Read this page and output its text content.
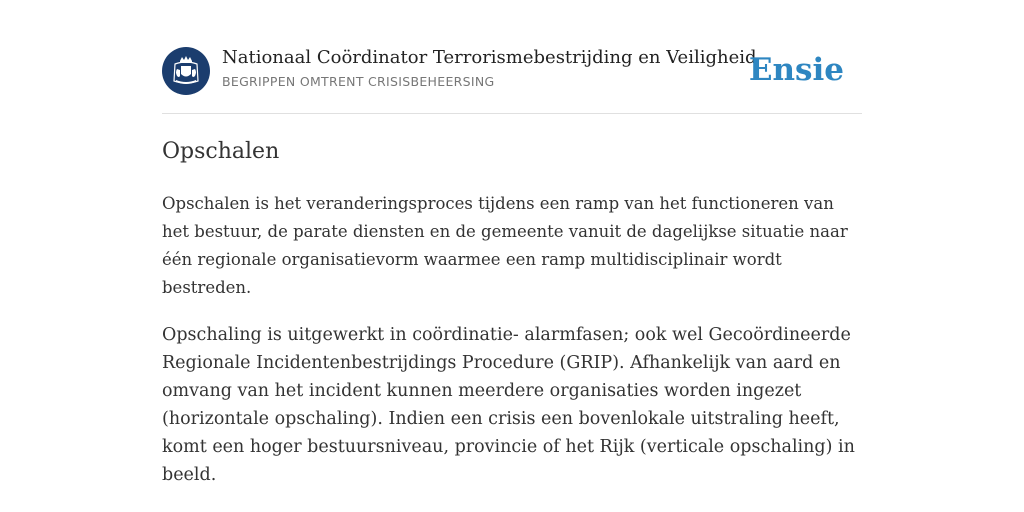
Nationaal Coördinator Terrorismebestrijding en Veiligheid
BEGRIPPEN OMTRENT CRISISBEHEERSING	Ensie
Opschalen

Opschalen is het veranderingsproces tijdens een ramp van het functioneren van
het bestuur, de parate diensten en de gemeente vanuit de dagelijkse situatie naar
één regionale organisatievorm waarmee een ramp multidisciplinair wordt
bestreden.

Opschaling is uitgewerkt in coördinatie- alarmfasen; ook wel Gecoördineerde
Regionale Incidentenbestrijdings Procedure (GRIP). Afhankelijk van aard en
omvang van het incident kunnen meerdere organisaties worden ingezet
(horizontale opschaling). Indien een crisis een bovenlokale uitstraling heeft,
komt een hoger bestuursniveau, provincie of het Rijk (verticale opschaling) in
beeld.
